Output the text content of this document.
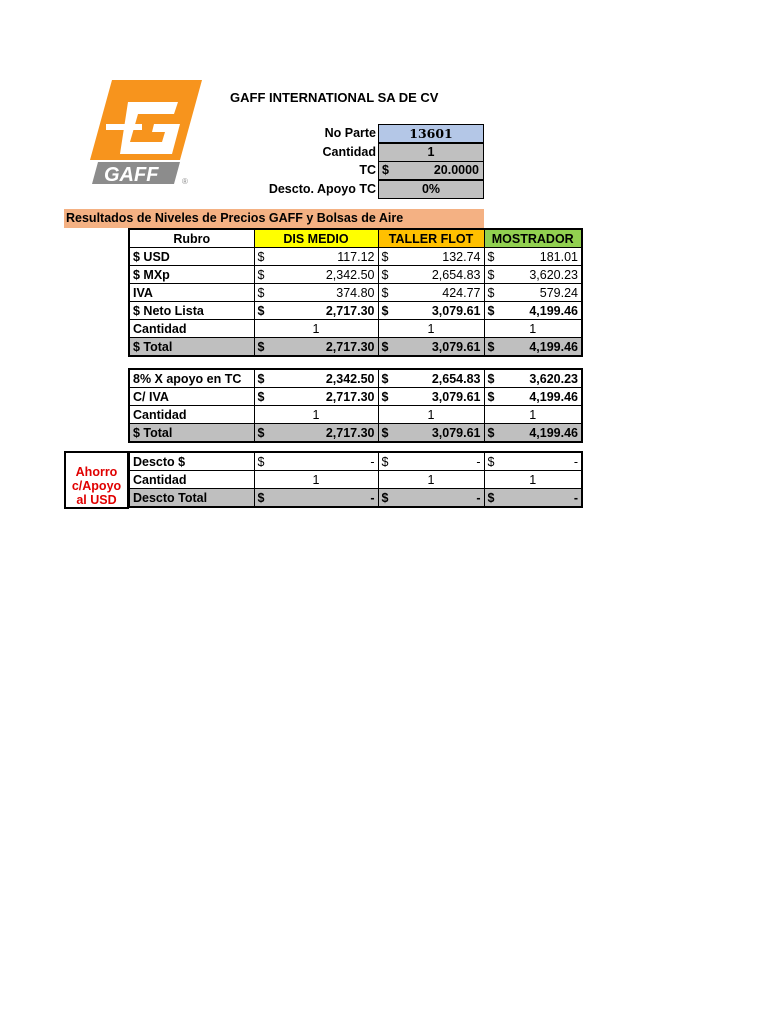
GAFF	®
GAFF INTERNATIONAL SA DE CV
No Parte	13601
Cantidad	1
TC $	20.0000
Descto. Apoyo TC	0%
Resultados de Niveles de Precios GAFF y Bolsas de Aire
Rubro	DIS MEDIO	TALLER FLOT	MOSTRADOR
$ USD	$ 117.12	$ 132.74	$ 181.01

$ MXp	$ 2,342.50	$ 2,654.83	$ 3,620.23

IVA	$ 374.80	$ 424.77	$ 579.24

$ Neto Lista	$ 2,717.30	$ 3,079.61	$ 4,199.46

Cantidad	1	1	1
$ Total	$ 2,717.30	$ 3,079.61	$ 4,199.46
8% X apoyo en TC	$ 2,342.50	$ 2,654.83	$ 3,620.23

C/ IVA	$ 2,717.30	$ 3,079.61	$ 4,199.46

Cantidad	1	1	1
$ Total	$ 2,717.30	$ 3,079.61	$ 4,199.46
Ahorro c/Apoyo al USD
Descto $	$ -	$ -	$ -

Cantidad	1	1	1
Descto Total	$ -	$ -	$ -
